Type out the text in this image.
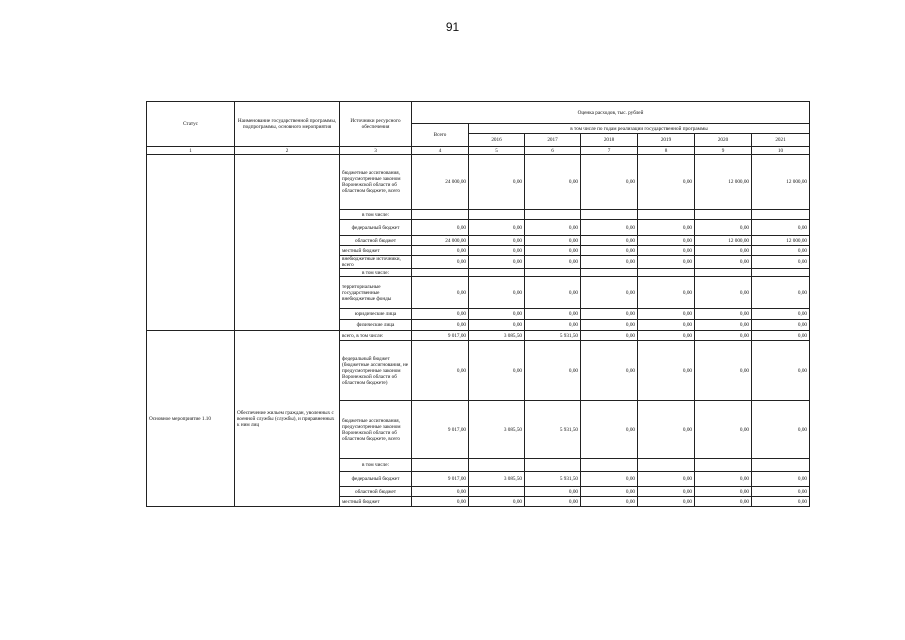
91
Статус	Наименование государственной программы, подпрограммы, основного мероприятия	Источники ресурсного обеспечения	Оценка расходов, тыс. рублей						
			Всего	в том числе по годам реализации государственной программы					
				2016	2017	2018	2019	2020	2021
1	2	3	4	5	6	7	8	9	10
		бюджетные ассигнования, предусмотренные законом Воронежской области об областном бюджете, всего	24 000,00	0,00	0,00	0,00	0,00	12 000,00	12 000,00
		в том числе:							
		федеральный бюджет	0,00	0,00	0,00	0,00	0,00	0,00	0,00
		областной бюджет	24 000,00	0,00	0,00	0,00	0,00	12 000,00	12 000,00
		местный бюджет	0,00	0,00	0,00	0,00	0,00	0,00	0,00
		внебюджетные источники, всего	0,00	0,00	0,00	0,00	0,00	0,00	0,00
		в том числе:							
		территориальные государственные внебюджетные фонды	0,00	0,00	0,00	0,00	0,00	0,00	0,00
		юридические лица	0,00	0,00	0,00	0,00	0,00	0,00	0,00
		физические лица	0,00	0,00	0,00	0,00	0,00	0,00	0,00
Основное мероприятие 1.10	Обеспечение жильем граждан, уволенных с военной службы (службы), и приравненных к ним лиц	всего, в том числе:	9 017,00	3 085,50	5 931,50	0,00	0,00	0,00	0,00
		федеральный бюджет (бюджетные ассигнования, не предусмотренные законом Воронежской области об областном бюджете)	0,00	0,00	0,00	0,00	0,00	0,00	0,00
		бюджетные ассигнования, предусмотренные законом Воронежской области об областном бюджете, всего	9 017,00	3 085,50	5 931,50	0,00	0,00	0,00	0,00
		в том числе:							
		федеральный бюджет	9 017,00	3 085,50	5 931,50	0,00	0,00	0,00	0,00
		областной бюджет	0,00		0,00	0,00	0,00	0,00	0,00
		местный бюджет	0,00	0,00	0,00	0,00	0,00	0,00	0,00
